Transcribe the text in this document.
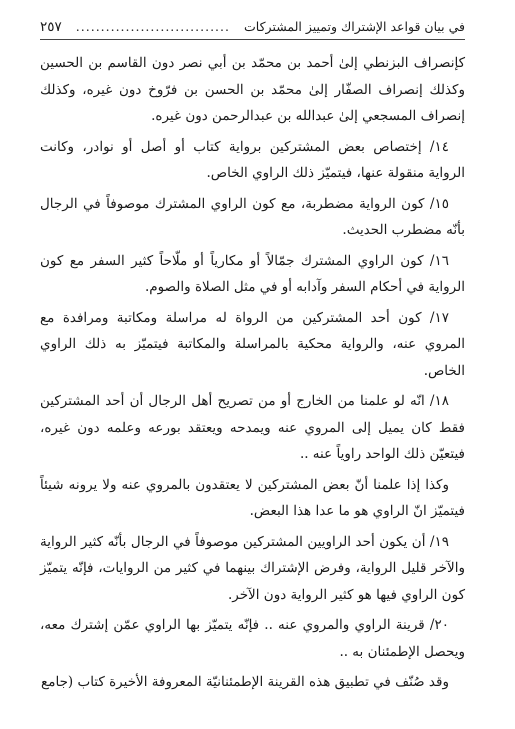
في بيان قواعد الإشتراك وتمييز المشتركات
...............................
٢٥٧

كإنصراف البزنطي إلىٰ أحمد بن محمّد بن أبي نصر دون القاسم بن الحسين وكذلك إنصراف الصفّار إلىٰ محمّد بن الحسن بن فرّوخ دون غيره، وكذلك إنصراف المسجعي إلىٰ عبدالله بن عبدالرحمن دون غيره.

١٤/ إختصاص بعض المشتركين برواية كتاب أو أصل أو نوادر، وكانت الرواية منقولة عنها، فيتميّز ذلك الراوي الخاص.

١٥/ كون الرواية مضطربة، مع كون الراوي المشترك موصوفاً في الرجال بأنّه مضطرب الحديث.

١٦/ كون الراوي المشترك جمّالاً أو مكارياً أو ملّاحاً كثير السفر مع كون الرواية في أحكام السفر وآدابه أو في مثل الصلاة والصوم.

١٧/ كون أحد المشتركين من الرواة له مراسلة ومكاتبة ومرافدة مع المروي عنه، والرواية محكية بالمراسلة والمكاتبة فيتميّز به ذلك الراوي الخاص.

١٨/ انّه لو علمنا من الخارج أو من تصريح أهل الرجال أن أحد المشتركين فقط كان يميل إلى المروي عنه ويمدحه ويعتقد بورعه وعلمه دون غيره، فيتعيّن ذلك الواحد راوياً عنه ..

وكذا إذا علمنا أنّ بعض المشتركين لا يعتقدون بالمروي عنه ولا يرونه شيئاً فيتميّز انّ الراوي هو ما عدا هذا البعض.

١٩/ أن يكون أحد الراويين المشتركين موصوفاً في الرجال بأنّه كثير الرواية والآخر قليل الرواية، وفرض الإشتراك بينهما في كثير من الروايات، فإنّه يتميّز كون الراوي فيها هو كثير الرواية دون الآخر.

٢٠/ قرينة الراوي والمروي عنه .. فإنّه يتميّز بها الراوي عمّن إشترك معه، ويحصل الإطمئنان به ..

وقد صُنّف في تطبيق هذه القرينة الإطمئنانيّة المعروفة الأخيرة كتاب (جامع
